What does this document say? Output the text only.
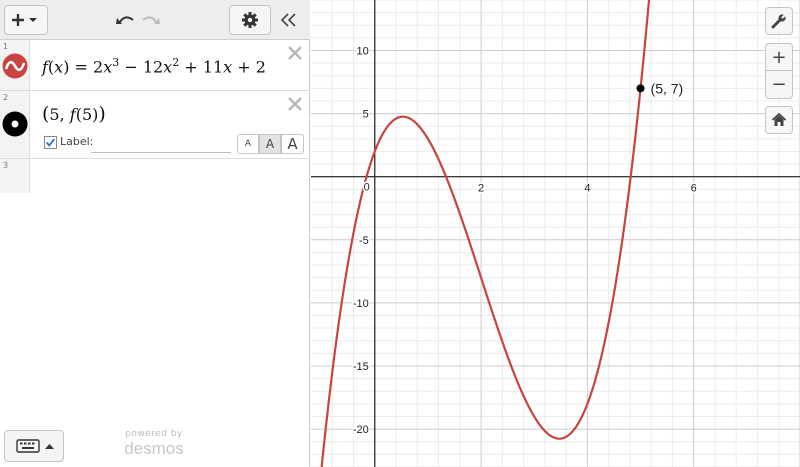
1
$f(x) = 2x^3 - 12x^2 + 11x + 2$
2
(5, f(5))
Label:	A	A A
3
powered by
desmos
2	4	6
10
5
-5
-10
-15
-20
0
(5, 7)
+
−
